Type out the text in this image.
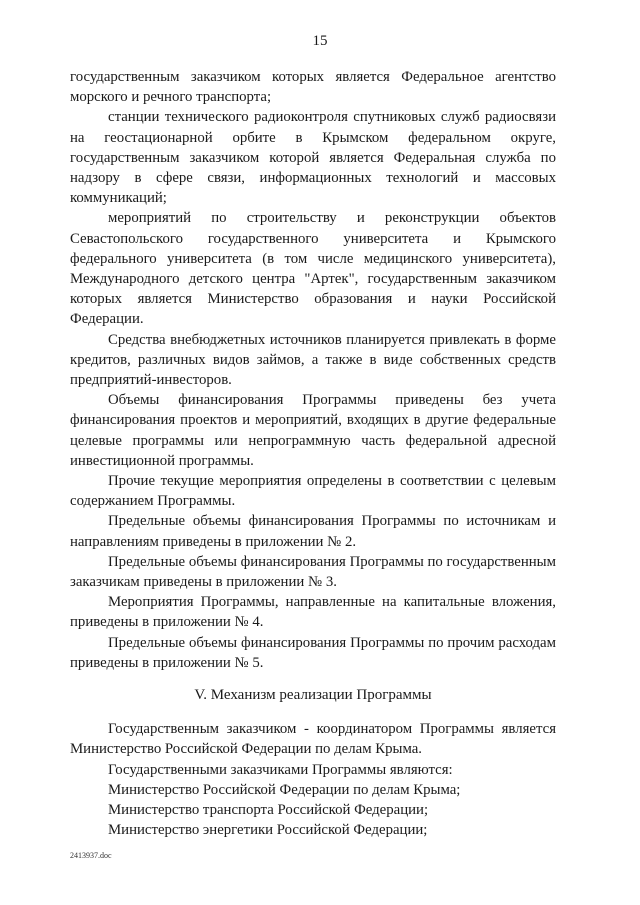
15

государственным заказчиком которых является Федеральное агентство морского и речного транспорта;

станции технического радиоконтроля спутниковых служб радиосвязи на геостационарной орбите в Крымском федеральном округе, государственным заказчиком которой является Федеральная служба по надзору в сфере связи, информационных технологий и массовых коммуникаций;

мероприятий по строительству и реконструкции объектов Севастопольского государственного университета и Крымского федерального университета (в том числе медицинского университета), Международного детского центра "Артек", государственным заказчиком которых является Министерство образования и науки Российской Федерации.

Средства внебюджетных источников планируется привлекать в форме кредитов, различных видов займов, а также в виде собственных средств предприятий-инвесторов.

Объемы финансирования Программы приведены без учета финансирования проектов и мероприятий, входящих в другие федеральные целевые программы или непрограммную часть федеральной адресной инвестиционной программы.

Прочие текущие мероприятия определены в соответствии с целевым содержанием Программы.

Предельные объемы финансирования Программы по источникам и направлениям приведены в приложении № 2.

Предельные объемы финансирования Программы по государственным заказчикам приведены в приложении № 3.

Мероприятия Программы, направленные на капитальные вложения, приведены в приложении № 4.

Предельные объемы финансирования Программы по прочим расходам приведены в приложении № 5.

V. Механизм реализации Программы

Государственным заказчиком - координатором Программы является Министерство Российской Федерации по делам Крыма.

Государственными заказчиками Программы являются:

Министерство Российской Федерации по делам Крыма;

Министерство транспорта Российской Федерации;

Министерство энергетики Российской Федерации;

2413937.doc
